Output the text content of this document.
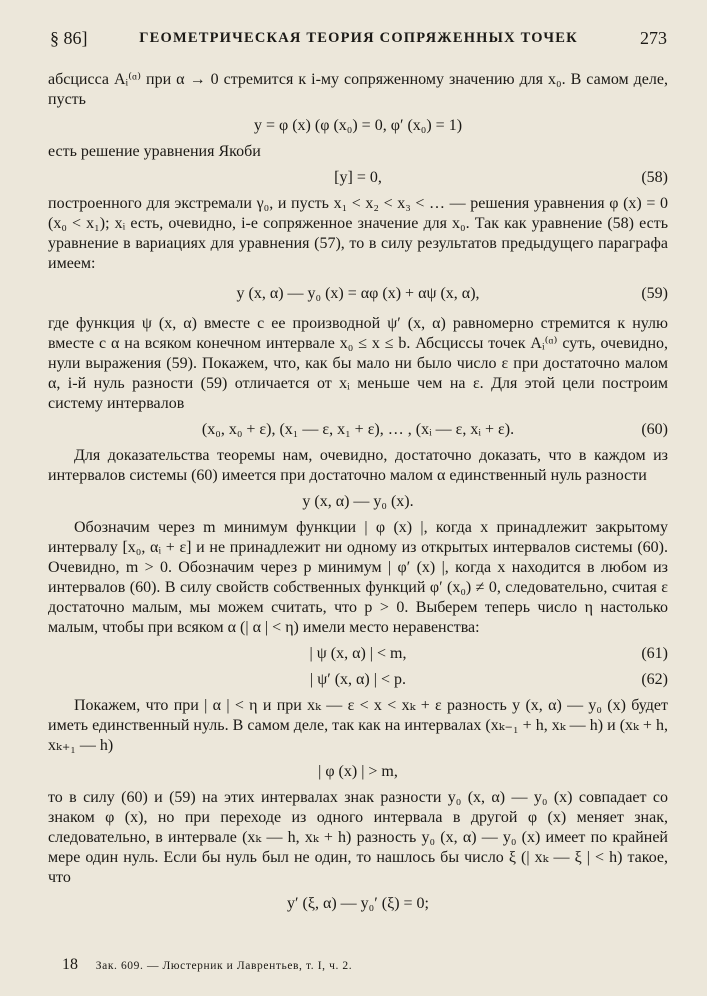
§ 86]	ГЕОМЕТРИЧЕСКАЯ ТЕОРИЯ СОПРЯЖЕННЫХ ТОЧЕК	273

абсцисса Aᵢ⁽ᵅ⁾ при α → 0 стремится к i-му сопряженному значению для x₀. В самом деле, пусть

y = φ (x) (φ (x₀) = 0, φ′ (x₀) = 1)

есть решение уравнения Якоби

[y] = 0,	(58)

построенного для экстремали γ₀, и пусть x₁ < x₂ < x₃ < … — решения уравнения φ (x) = 0 (x₀ < x₁); xᵢ есть, очевидно, i-е сопряженное значение для x₀. Так как уравнение (58) есть уравнение в вариациях для уравнения (57), то в силу результатов предыдущего параграфа имеем:

y (x, α) — y₀ (x) = αφ (x) + αψ (x, α),	(59)

где функция ψ (x, α) вместе с ее производной ψ′ (x, α) равномерно стремится к нулю вместе с α на всяком конечном интервале x₀ ≤ x ≤ b. Абсциссы точек Aᵢ⁽ᵅ⁾ суть, очевидно, нули выражения (59). Покажем, что, как бы мало ни было число ε при достаточно малом α, i-й нуль разности (59) отличается от xᵢ меньше чем на ε. Для этой цели построим систему интервалов

(x₀, x₀ + ε), (x₁ — ε, x₁ + ε), … , (xᵢ — ε, xᵢ + ε).	(60)

Для доказательства теоремы нам, очевидно, достаточно доказать, что в каждом из интервалов системы (60) имеется при достаточно малом α единственный нуль разности

y (x, α) — y₀ (x).

Обозначим через m минимум функции | φ (x) |, когда x принадлежит закрытому интервалу [x₀, αᵢ + ε] и не принадлежит ни одному из открытых интервалов системы (60). Очевидно, m > 0. Обозначим через p минимум | φ′ (x) |, когда x находится в любом из интервалов (60). В силу свойств собственных функций φ′ (x₀) ≠ 0, следовательно, считая ε достаточно малым, мы можем считать, что p > 0. Выберем теперь число η настолько малым, чтобы при всяком α (| α | < η) имели место неравенства:

| ψ (x, α) | < m,	(61)
| ψ′ (x, α) | < p.	(62)

Покажем, что при | α | < η и при xₖ — ε < x < xₖ + ε разность y (x, α) — y₀ (x) будет иметь единственный нуль. В самом деле, так как на интервалах (xₖ₋₁ + h, xₖ — h) и (xₖ + h, xₖ₊₁ — h)

| φ (x) | > m,

то в силу (60) и (59) на этих интервалах знак разности y₀ (x, α) — y₀ (x) совпадает со знаком φ (x), но при переходе из одного интервала в другой φ (x) меняет знак, следовательно, в интервале (xₖ — h, xₖ + h) разность y₀ (x, α) — y₀ (x) имеет по крайней мере один нуль. Если бы нуль был не один, то нашлось бы число ξ (| xₖ — ξ | < h) такое, что

y′ (ξ, α) — y₀′ (ξ) = 0;
18 Зак. 609. — Люстерник и Лаврентьев, т. I, ч. 2.
